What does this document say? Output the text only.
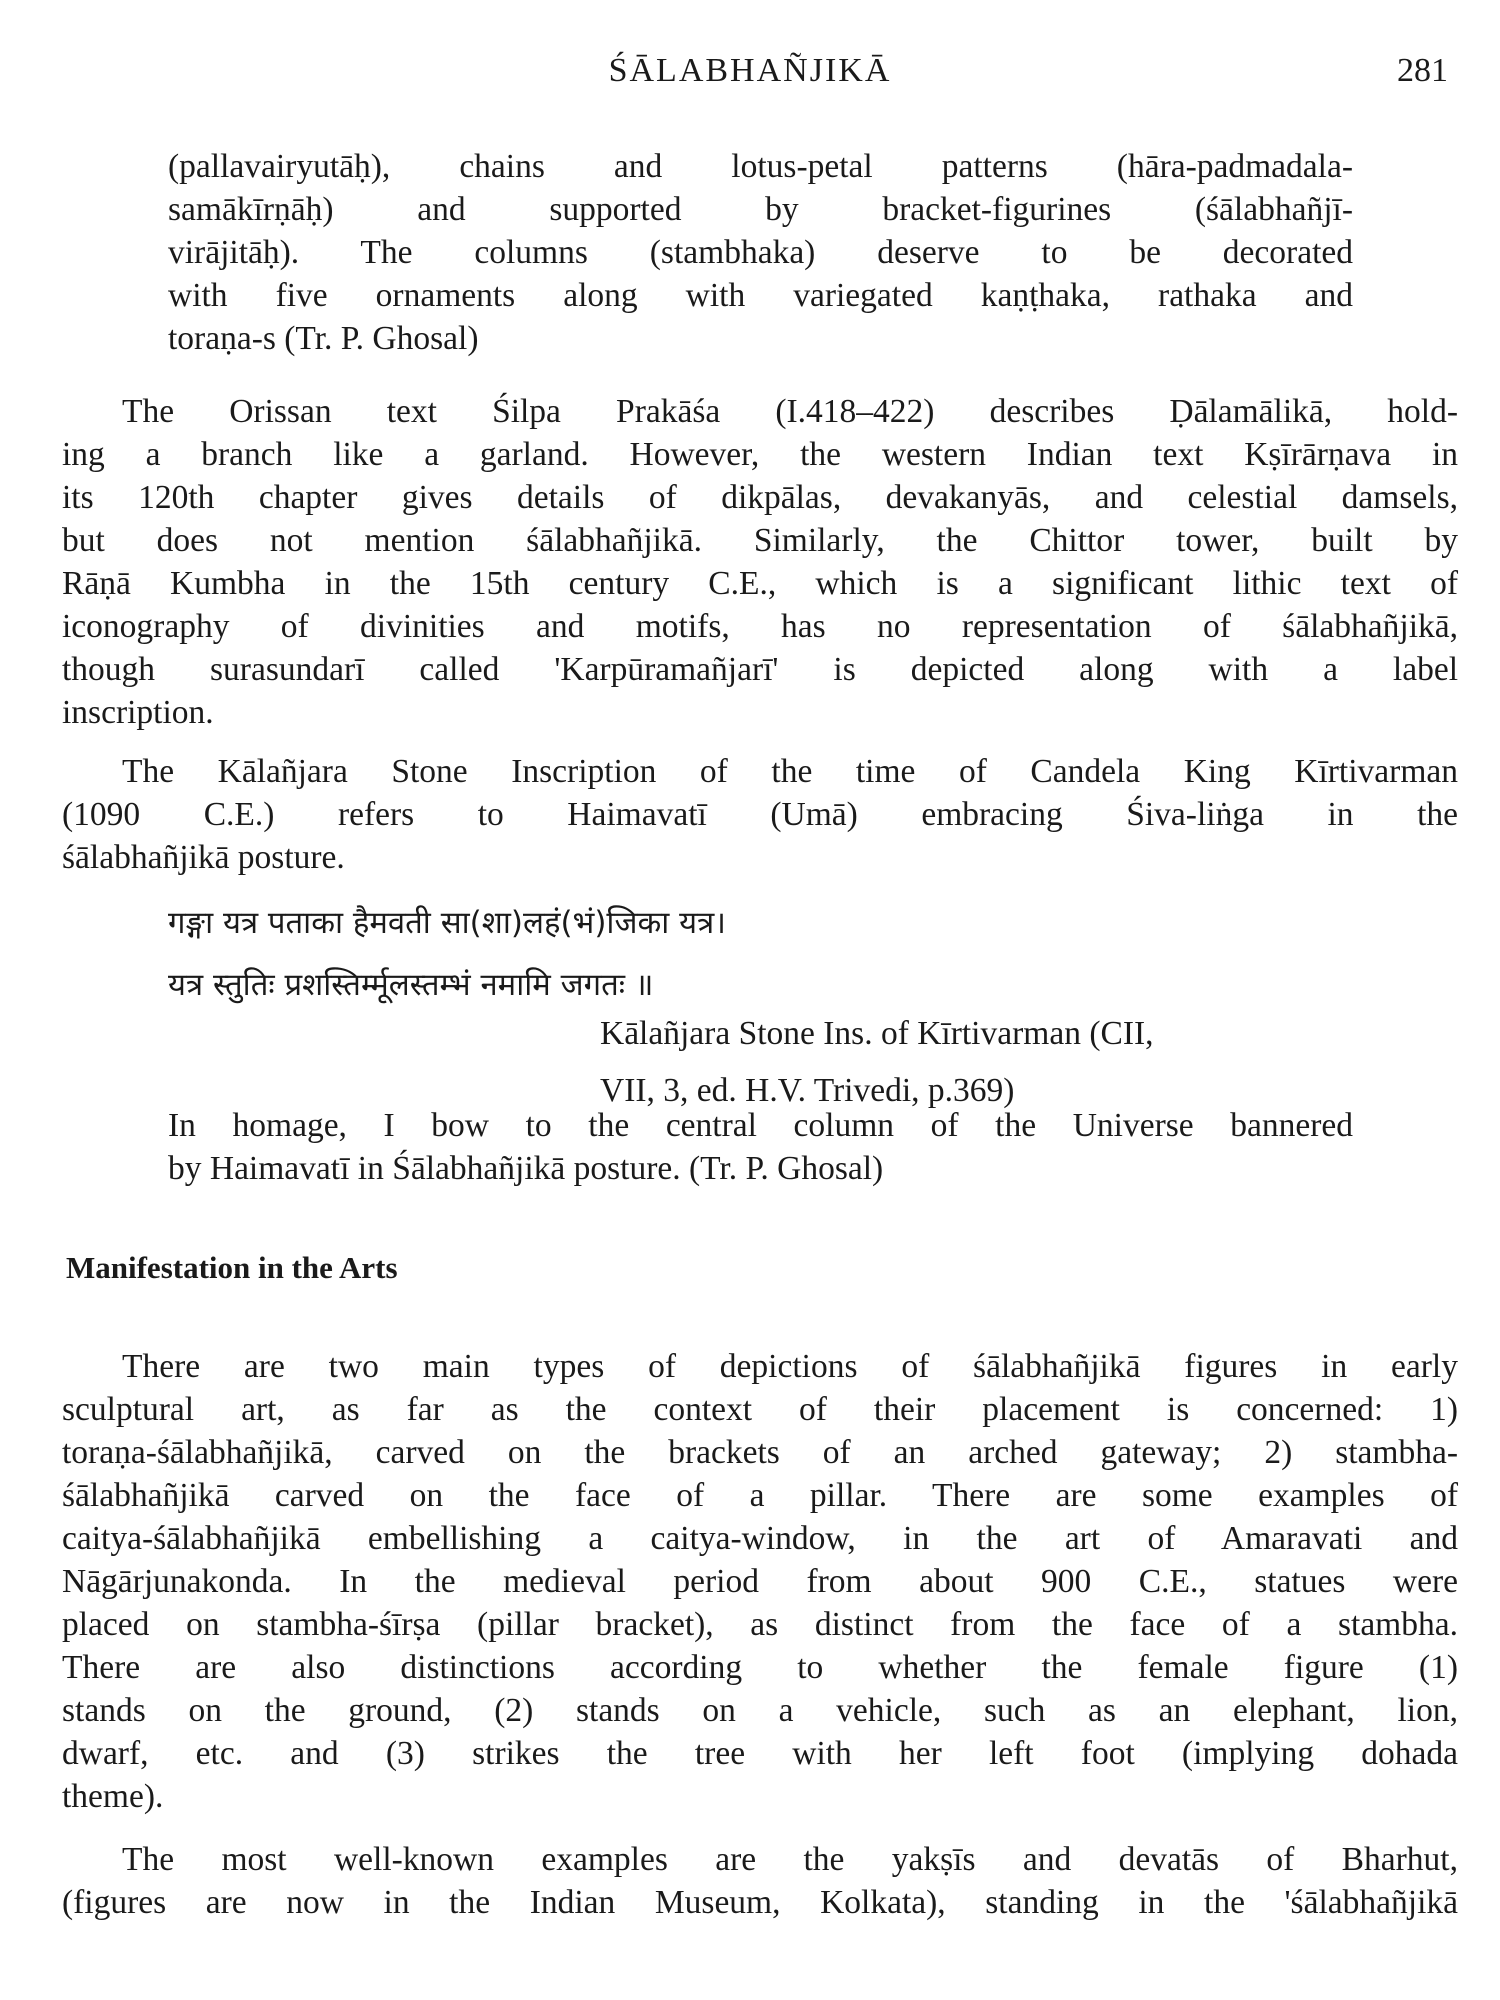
ŚĀLABHAÑJIKĀ	281
(pallavairyutāḥ), chains and lotus-petal patterns (hāra-padmadala-
samākīrṇāḥ) and supported by bracket-figurines (śālabhañjī-
virājitāḥ). The columns (stambhaka) deserve to be decorated
with five ornaments along with variegated kaṇṭhaka, rathaka and
toraṇa-s (Tr. P. Ghosal)
The Orissan text Śilpa Prakāśa (I.418–422) describes Ḍālamālikā, hold-
ing a branch like a garland. However, the western Indian text Kṣīrārṇava in
its 120th chapter gives details of dikpālas, devakanyās, and celestial damsels,
but does not mention śālabhañjikā. Similarly, the Chittor tower, built by
Rāṇā Kumbha in the 15th century C.E., which is a significant lithic text of
iconography of divinities and motifs, has no representation of śālabhañjikā,
though surasundarī called 'Karpūramañjarī' is depicted along with a label
inscription.
The Kālañjara Stone Inscription of the time of Candela King Kīrtivarman
(1090 C.E.) refers to Haimavatī (Umā) embracing Śiva-liṅga in the
śālabhañjikā posture.
गङ्गा यत्र पताका हैमवती सा(शा)लहं(भं)जिका यत्र।
यत्र स्तुतिः प्रशस्तिर्म्मूलस्तम्भं नमामि जगतः ॥
Kālañjara Stone Ins. of Kīrtivarman (CII,
VII, 3, ed. H.V. Trivedi, p.369)
In homage, I bow to the central column of the Universe bannered
by Haimavatī in Śālabhañjikā posture. (Tr. P. Ghosal)
Manifestation in the Arts
There are two main types of depictions of śālabhañjikā figures in early
sculptural art, as far as the context of their placement is concerned: 1)
toraṇa-śālabhañjikā, carved on the brackets of an arched gateway; 2) stambha-
śālabhañjikā carved on the face of a pillar. There are some examples of
caitya-śālabhañjikā embellishing a caitya-window, in the art of Amaravati and
Nāgārjunakonda. In the medieval period from about 900 C.E., statues were
placed on stambha-śīrṣa (pillar bracket), as distinct from the face of a stambha.
There are also distinctions according to whether the female figure (1)
stands on the ground, (2) stands on a vehicle, such as an elephant, lion,
dwarf, etc. and (3) strikes the tree with her left foot (implying dohada
theme).
The most well-known examples are the yakṣīs and devatās of Bharhut,
(figures are now in the Indian Museum, Kolkata), standing in the 'śālabhañjikā
